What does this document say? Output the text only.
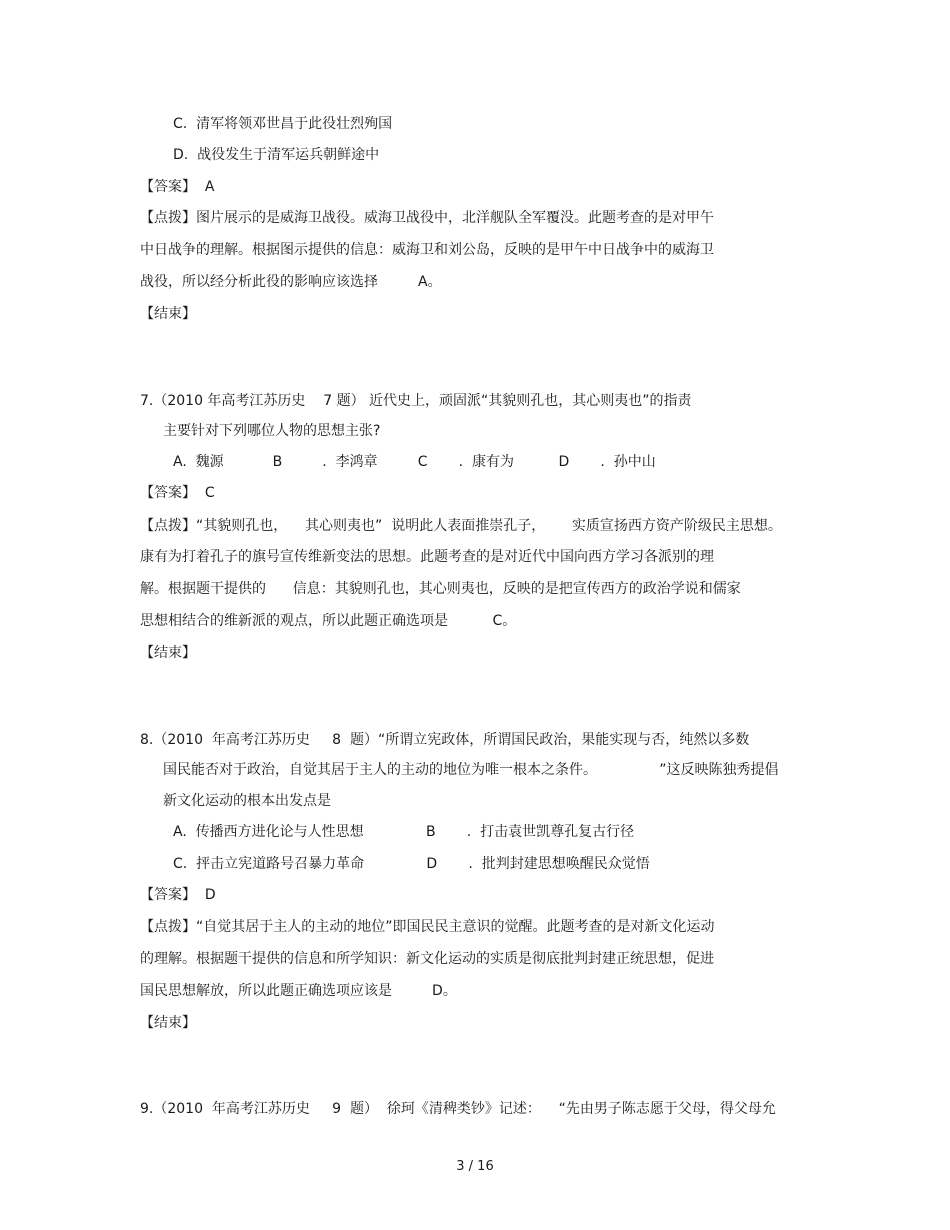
C.  清军将领邓世昌于此役壮烈殉国
D.  战役发生于清军运兵朝鲜途中
【答案】  A
【点拨】图片展示的是威海卫战役。威海卫战役中，北洋舰队全军覆没。此题考查的是对甲午
中日战争的理解。根据图示提供的信息：威海卫和刘公岛，反映的是甲午中日战争中的威海卫
战役，所以经分析此役的影响应该选择         A。
【结束】
7.（2010 年高考江苏历史    7 题） 近代史上，顽固派“其貌则孔也，其心则夷也”的指责
主要针对下列哪位人物的思想主张?
A.  魏源           B         .  李鸿章         C       .  康有为          D       .  孙中山
【答案】  C
【点拨】“其貌则孔也，    其心则夷也”  说明此人表面推崇孔子，      实质宣扬西方资产阶级民主思想。
康有为打着孔子的旗号宣传维新变法的思想。此题考查的是对近代中国向西方学习各派别的理
解。根据题干提供的      信息：其貌则孔也，其心则夷也，反映的是把宣传西方的政治学说和儒家
思想相结合的维新派的观点，所以此题正确选项是          C。
【结束】
8.（2010  年高考江苏历史     8  题）“所谓立宪政体，所谓国民政治，果能实现与否，纯然以多数
国民能否对于政治，自觉其居于主人的主动的地位为唯一根本之条件。              ”这反映陈独秀提倡
新文化运动的根本出发点是
A.  传播西方进化论与人性思想              B       .  打击袁世凯尊孔复古行径
C.  抨击立宪道路号召暴力革命              D       .  批判封建思想唤醒民众觉悟
【答案】  D
【点拨】“自觉其居于主人的主动的地位”即国民民主意识的觉醒。此题考查的是对新文化运动
的理解。根据题干提供的信息和所学知识：新文化运动的实质是彻底批判封建正统思想，促进
国民思想解放，所以此题正确选项应该是         D。
【结束】
9.（2010  年高考江苏历史     9  题）  徐珂《清稗类钞》记述：    “先由男子陈志愿于父母，得父母允
3 / 16
